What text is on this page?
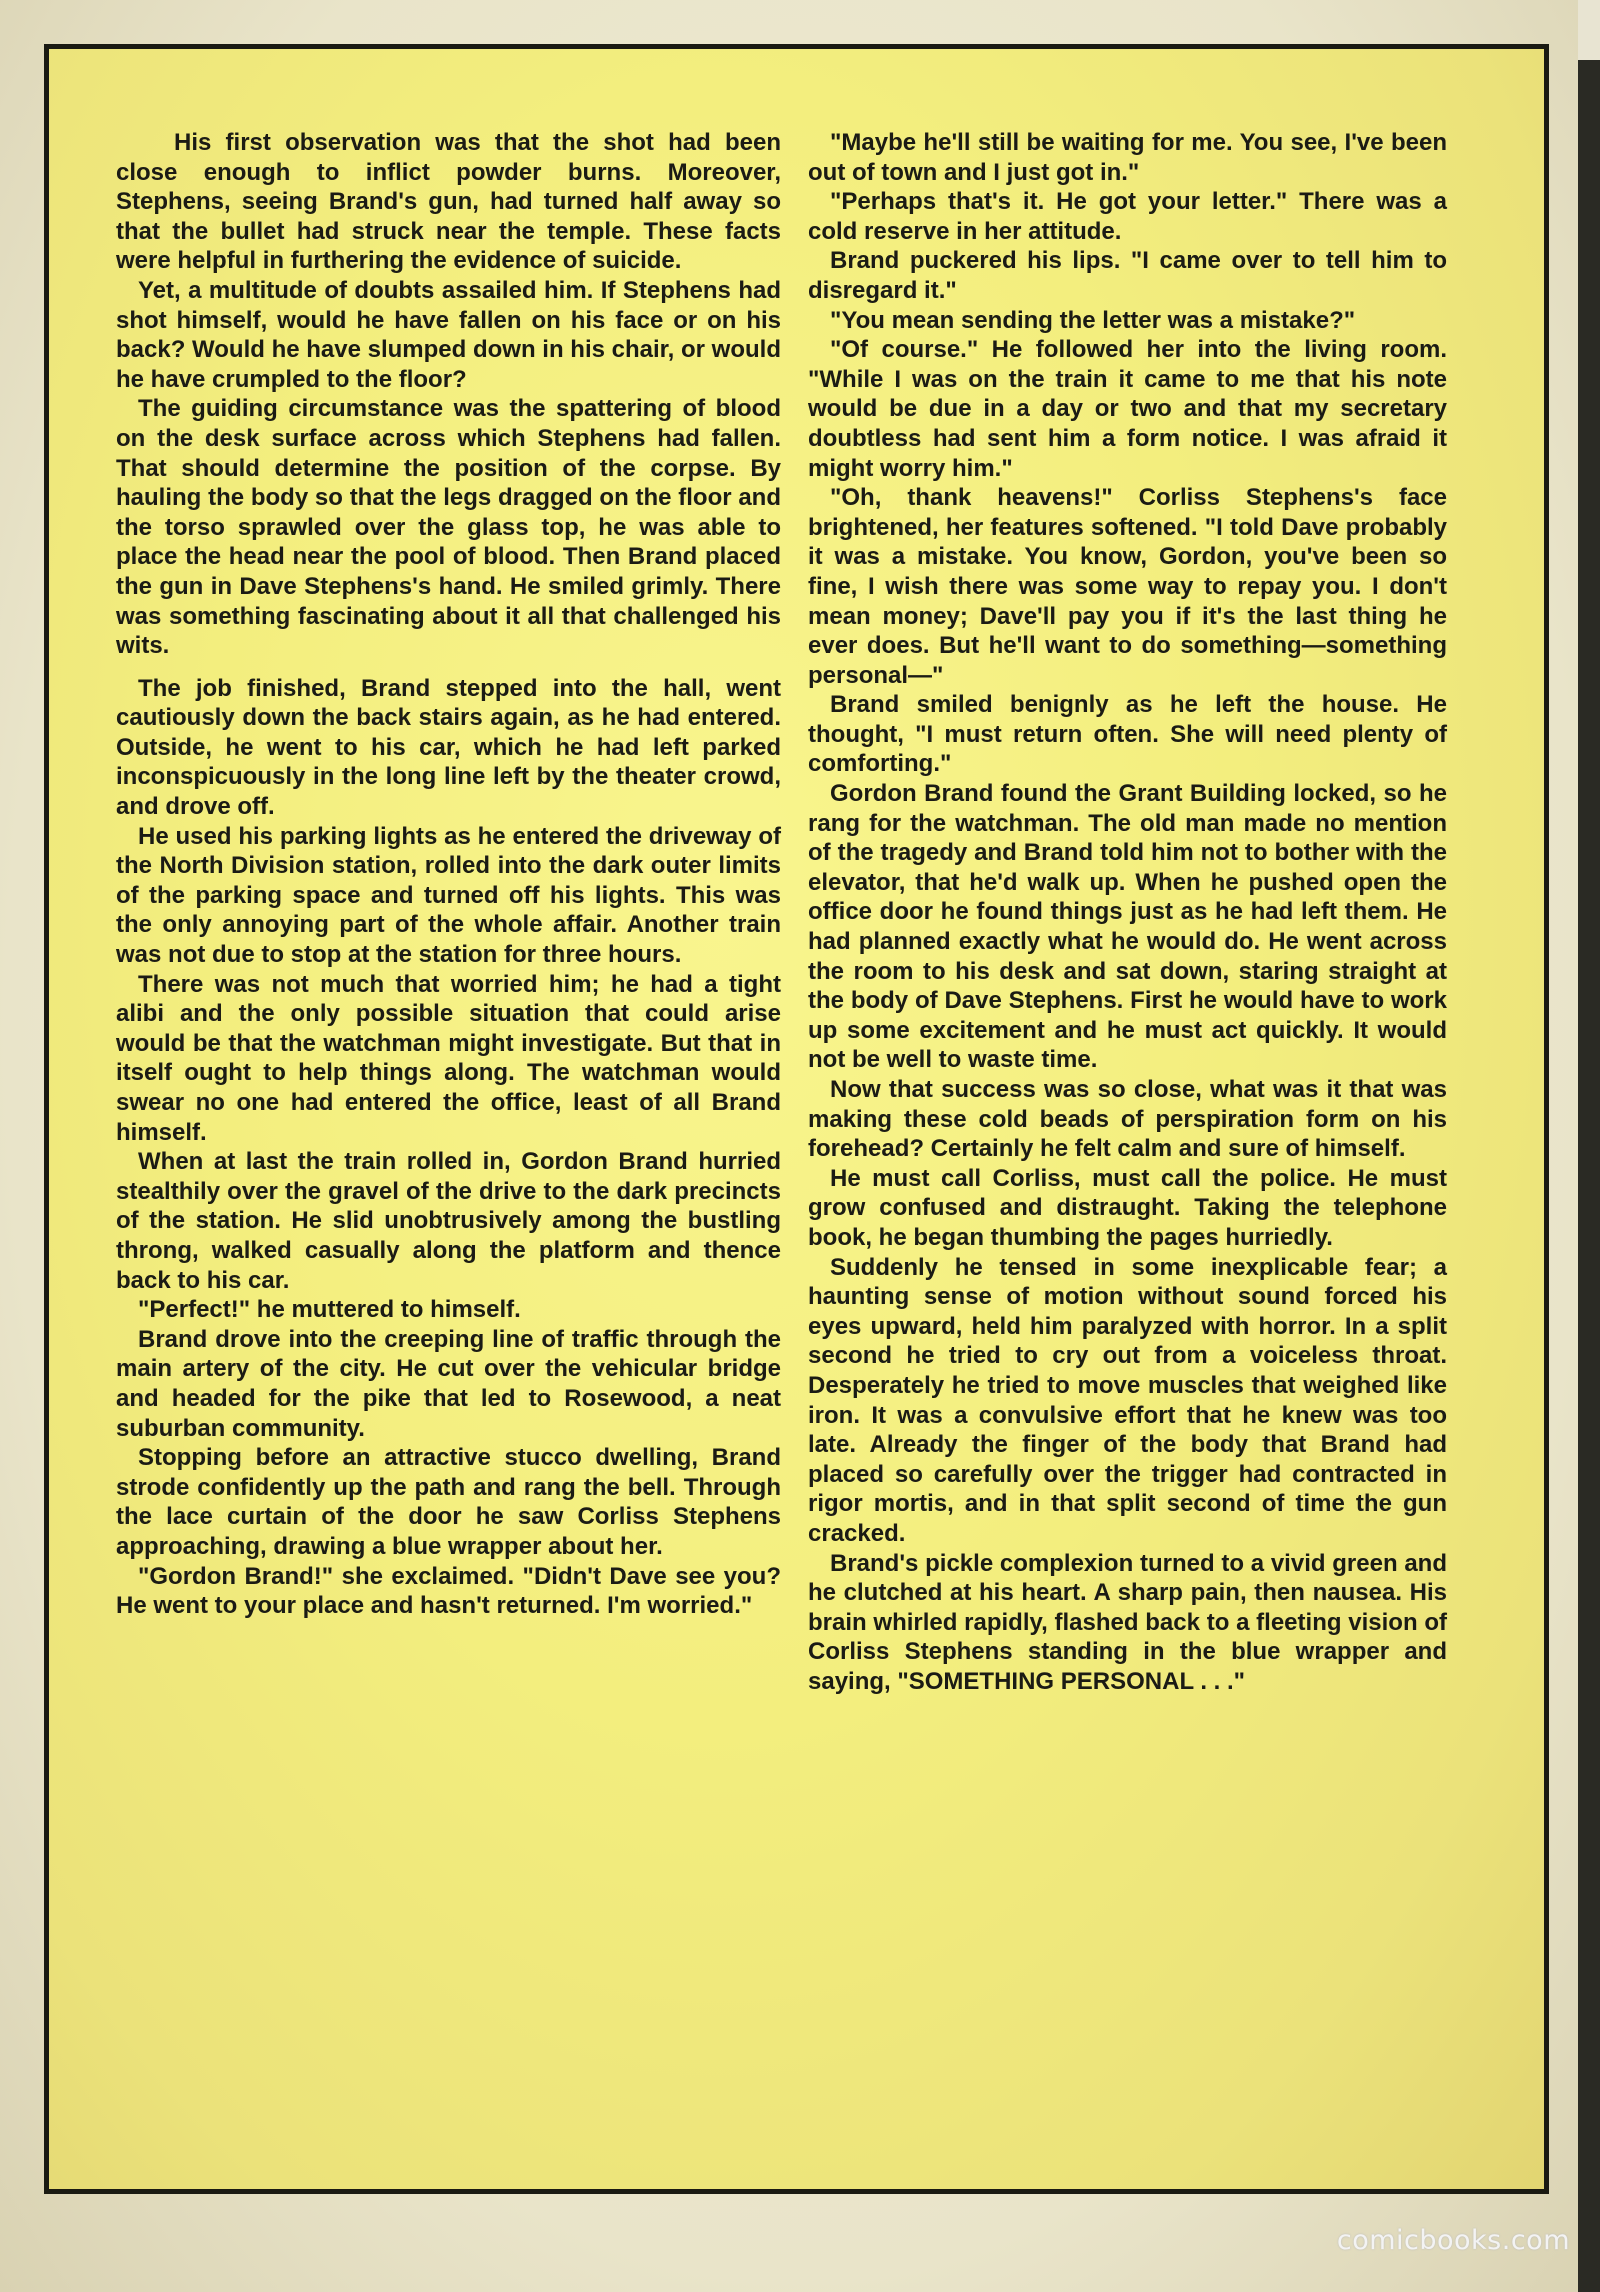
His first observation was that the shot had been close enough to inflict powder burns. Moreover, Stephens, seeing Brand's gun, had turned half away so that the bullet had struck near the temple. These facts were helpful in furthering the evidence of suicide.

Yet, a multitude of doubts assailed him. If Stephens had shot himself, would he have fallen on his face or on his back? Would he have slumped down in his chair, or would he have crumpled to the floor?

The guiding circumstance was the spattering of blood on the desk surface across which Stephens had fallen. That should determine the position of the corpse. By hauling the body so that the legs dragged on the floor and the torso sprawled over the glass top, he was able to place the head near the pool of blood. Then Brand placed the gun in Dave Stephens's hand. He smiled grimly. There was something fascinating about it all that challenged his wits.

The job finished, Brand stepped into the hall, went cautiously down the back stairs again, as he had entered. Outside, he went to his car, which he had left parked inconspicuously in the long line left by the theater crowd, and drove off.

He used his parking lights as he entered the driveway of the North Division station, rolled into the dark outer limits of the parking space and turned off his lights. This was the only annoying part of the whole affair. Another train was not due to stop at the station for three hours.

There was not much that worried him; he had a tight alibi and the only possible situation that could arise would be that the watchman might investigate. But that in itself ought to help things along. The watchman would swear no one had entered the office, least of all Brand himself.

When at last the train rolled in, Gordon Brand hurried stealthily over the gravel of the drive to the dark precincts of the station. He slid unobtrusively among the bustling throng, walked casually along the platform and thence back to his car.

"Perfect!" he muttered to himself.

Brand drove into the creeping line of traffic through the main artery of the city. He cut over the vehicular bridge and headed for the pike that led to Rosewood, a neat suburban community.

Stopping before an attractive stucco dwelling, Brand strode confidently up the path and rang the bell. Through the lace curtain of the door he saw Corliss Stephens approaching, drawing a blue wrapper about her.

"Gordon Brand!" she exclaimed. "Didn't Dave see you? He went to your place and hasn't returned. I'm worried."

"Maybe he'll still be waiting for me. You see, I've been out of town and I just got in."

"Perhaps that's it. He got your letter." There was a cold reserve in her attitude.

Brand puckered his lips. "I came over to tell him to disregard it."

"You mean sending the letter was a mistake?"

"Of course." He followed her into the living room. "While I was on the train it came to me that his note would be due in a day or two and that my secretary doubtless had sent him a form notice. I was afraid it might worry him."

"Oh, thank heavens!" Corliss Stephens's face brightened, her features softened. "I told Dave probably it was a mistake. You know, Gordon, you've been so fine, I wish there was some way to repay you. I don't mean money; Dave'll pay you if it's the last thing he ever does. But he'll want to do something—something personal—"

Brand smiled benignly as he left the house. He thought, "I must return often. She will need plenty of comforting."

Gordon Brand found the Grant Building locked, so he rang for the watchman. The old man made no mention of the tragedy and Brand told him not to bother with the elevator, that he'd walk up. When he pushed open the office door he found things just as he had left them. He had planned exactly what he would do. He went across the room to his desk and sat down, staring straight at the body of Dave Stephens. First he would have to work up some excitement and he must act quickly. It would not be well to waste time.

Now that success was so close, what was it that was making these cold beads of perspiration form on his forehead? Certainly he felt calm and sure of himself.

He must call Corliss, must call the police. He must grow confused and distraught. Taking the telephone book, he began thumbing the pages hurriedly.

Suddenly he tensed in some inexplicable fear; a haunting sense of motion without sound forced his eyes upward, held him paralyzed with horror. In a split second he tried to cry out from a voiceless throat. Desperately he tried to move muscles that weighed like iron. It was a convulsive effort that he knew was too late. Already the finger of the body that Brand had placed so carefully over the trigger had contracted in rigor mortis, and in that split second of time the gun cracked.

Brand's pickle complexion turned to a vivid green and he clutched at his heart. A sharp pain, then nausea. His brain whirled rapidly, flashed back to a fleeting vision of Corliss Stephens standing in the blue wrapper and saying, "SOMETHING PERSONAL . . ."

comicbooks.com
